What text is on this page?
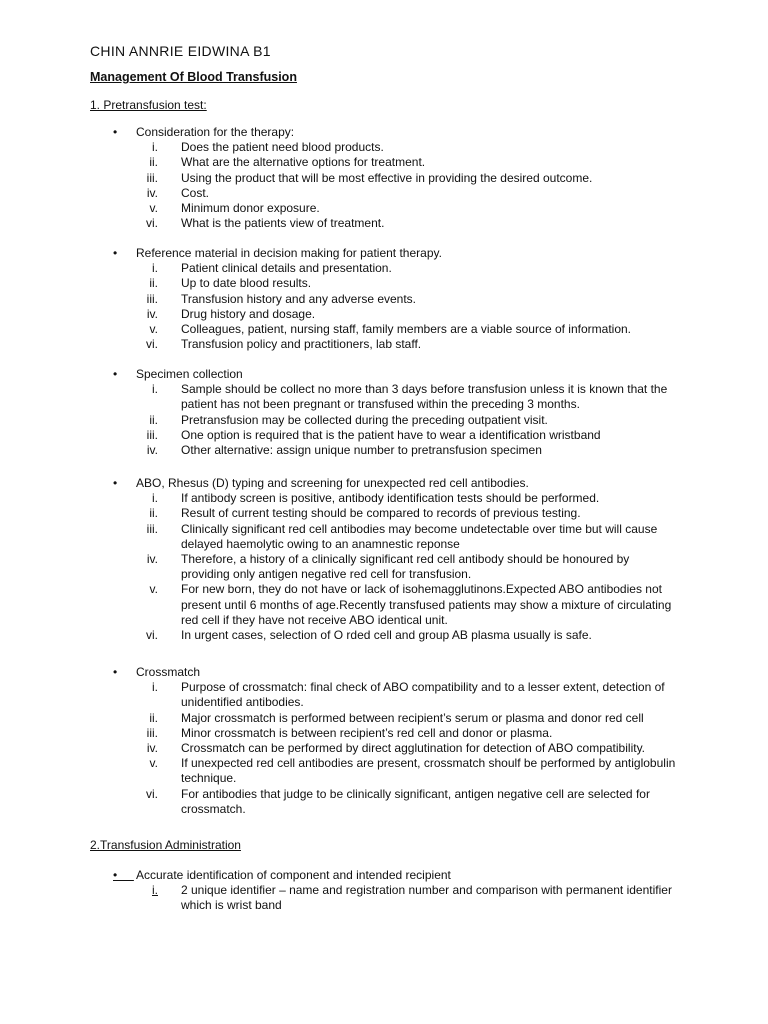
CHIN ANNRIE EIDWINA B1
Management Of Blood Transfusion
1. Pretransfusion test:
• Consideration for the therapy:
i. Does the patient need blood products.
ii. What are the alternative options for treatment.
iii. Using the product that will be most effective in providing the desired outcome.
iv. Cost.
v. Minimum donor exposure.
vi. What is the patients view of treatment.
• Reference material in decision making for patient therapy.
i. Patient clinical details and presentation.
ii. Up to date blood results.
iii. Transfusion history and any adverse events.
iv. Drug history and dosage.
v. Colleagues, patient, nursing staff, family members are a viable source of information.
vi. Transfusion policy and practitioners, lab staff.
• Specimen collection
i. Sample should be collect no more than 3 days before transfusion unless it is known that the patient has not been pregnant or transfused within the preceding 3 months.
ii. Pretransfusion may be collected during the preceding outpatient visit.
iii. One option is required that is the patient have to wear a identification wristband
iv. Other alternative: assign unique number to pretransfusion specimen
• ABO, Rhesus (D) typing and screening for unexpected red cell antibodies.
i. If antibody screen is positive, antibody identification tests should be performed.
ii. Result of current testing should be compared to records of previous testing.
iii. Clinically significant red cell antibodies may become undetectable over time but will cause delayed haemolytic owing to an anamnestic reponse
iv. Therefore, a history of a clinically significant red cell antibody should be honoured by providing only antigen negative red cell for transfusion.
v. For new born, they do not have or lack of isohemagglutinons.Expected ABO antibodies not present until 6 months of age.Recently transfused patients may show a mixture of circulating red cell if they have not receive ABO identical unit.
vi. In urgent cases, selection of O rded cell and group AB plasma usually is safe.
• Crossmatch
i. Purpose of crossmatch: final check of ABO compatibility and to a lesser extent, detection of unidentified antibodies.
ii. Major crossmatch is performed between recipient’s serum or plasma and donor red cell
iii. Minor crossmatch is between recipient’s red cell and donor or plasma.
iv. Crossmatch can be performed by direct agglutination for detection of ABO compatibility.
v. If unexpected red cell antibodies are present, crossmatch shoulf be performed by antiglobulin technique.
vi. For antibodies that judge to be clinically significant, antigen negative cell are selected for crossmatch.
2.Transfusion Administration
• Accurate identification of component and intended recipient
i. 2 unique identifier – name and registration number and comparison with permanent identifier which is wrist band
